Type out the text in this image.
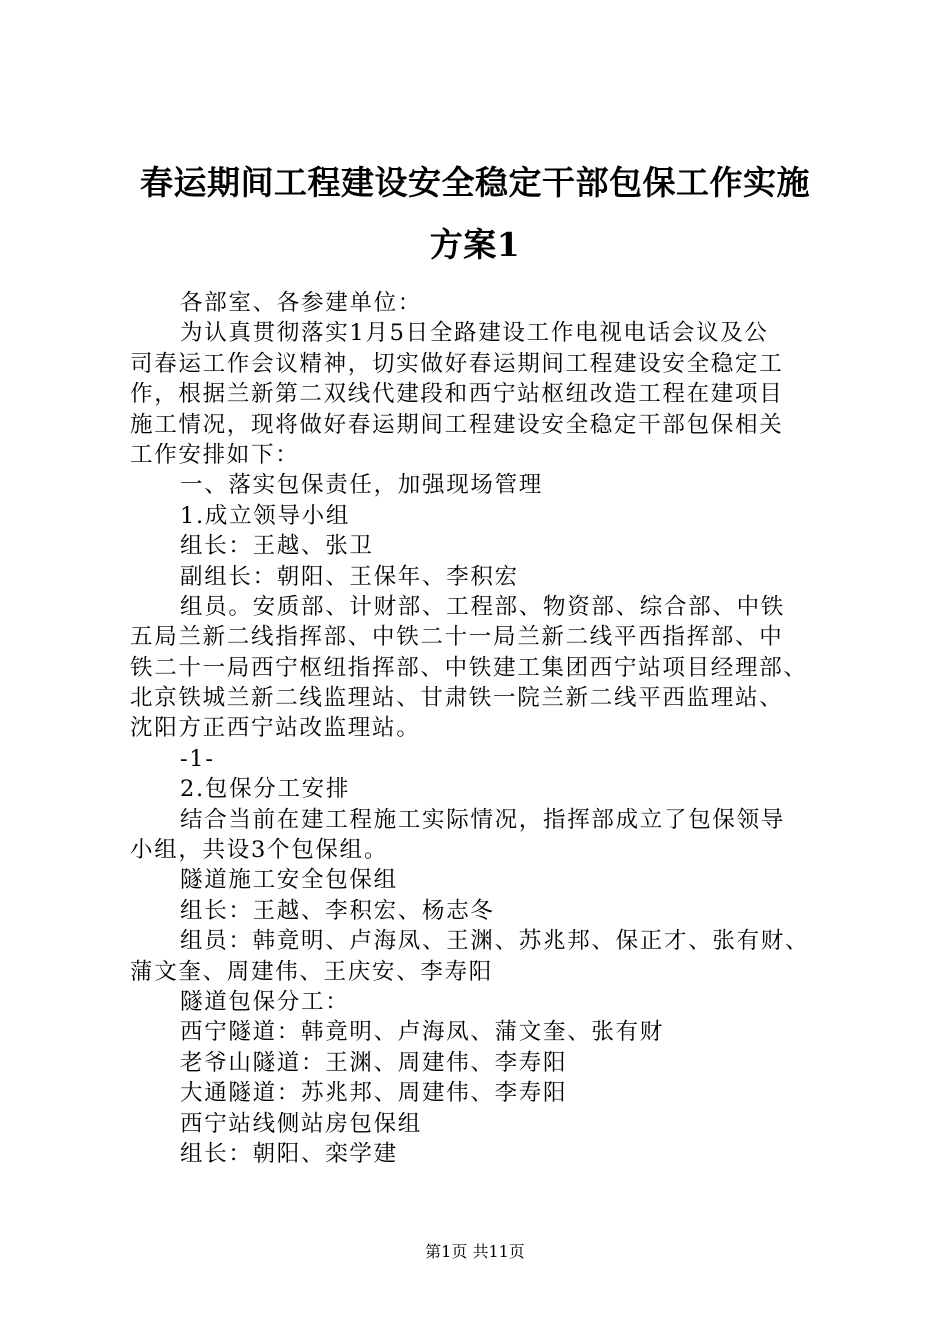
春运期间工程建设安全稳定干部包保工作实施
方案1
各部室、各参建单位：
为认真贯彻落实1月5日全路建设工作电视电话会议及公
司春运工作会议精神，切实做好春运期间工程建设安全稳定工
作，根据兰新第二双线代建段和西宁站枢纽改造工程在建项目
施工情况，现将做好春运期间工程建设安全稳定干部包保相关
工作安排如下：
一、落实包保责任，加强现场管理
1.成立领导小组
组长：王越、张卫
副组长：朝阳、王保年、李积宏
组员。安质部、计财部、工程部、物资部、综合部、中铁
五局兰新二线指挥部、中铁二十一局兰新二线平西指挥部、中
铁二十一局西宁枢纽指挥部、中铁建工集团西宁站项目经理部、
北京铁城兰新二线监理站、甘肃铁一院兰新二线平西监理站、
沈阳方正西宁站改监理站。
-1-
2.包保分工安排
结合当前在建工程施工实际情况，指挥部成立了包保领导
小组，共设3个包保组。
隧道施工安全包保组
组长：王越、李积宏、杨志冬
组员：韩竟明、卢海凤、王渊、苏兆邦、保正才、张有财、
蒲文奎、周建伟、王庆安、李寿阳
隧道包保分工：
西宁隧道：韩竟明、卢海凤、蒲文奎、张有财
老爷山隧道：王渊、周建伟、李寿阳
大通隧道：苏兆邦、周建伟、李寿阳
西宁站线侧站房包保组
组长：朝阳、栾学建
第1页 共11页
